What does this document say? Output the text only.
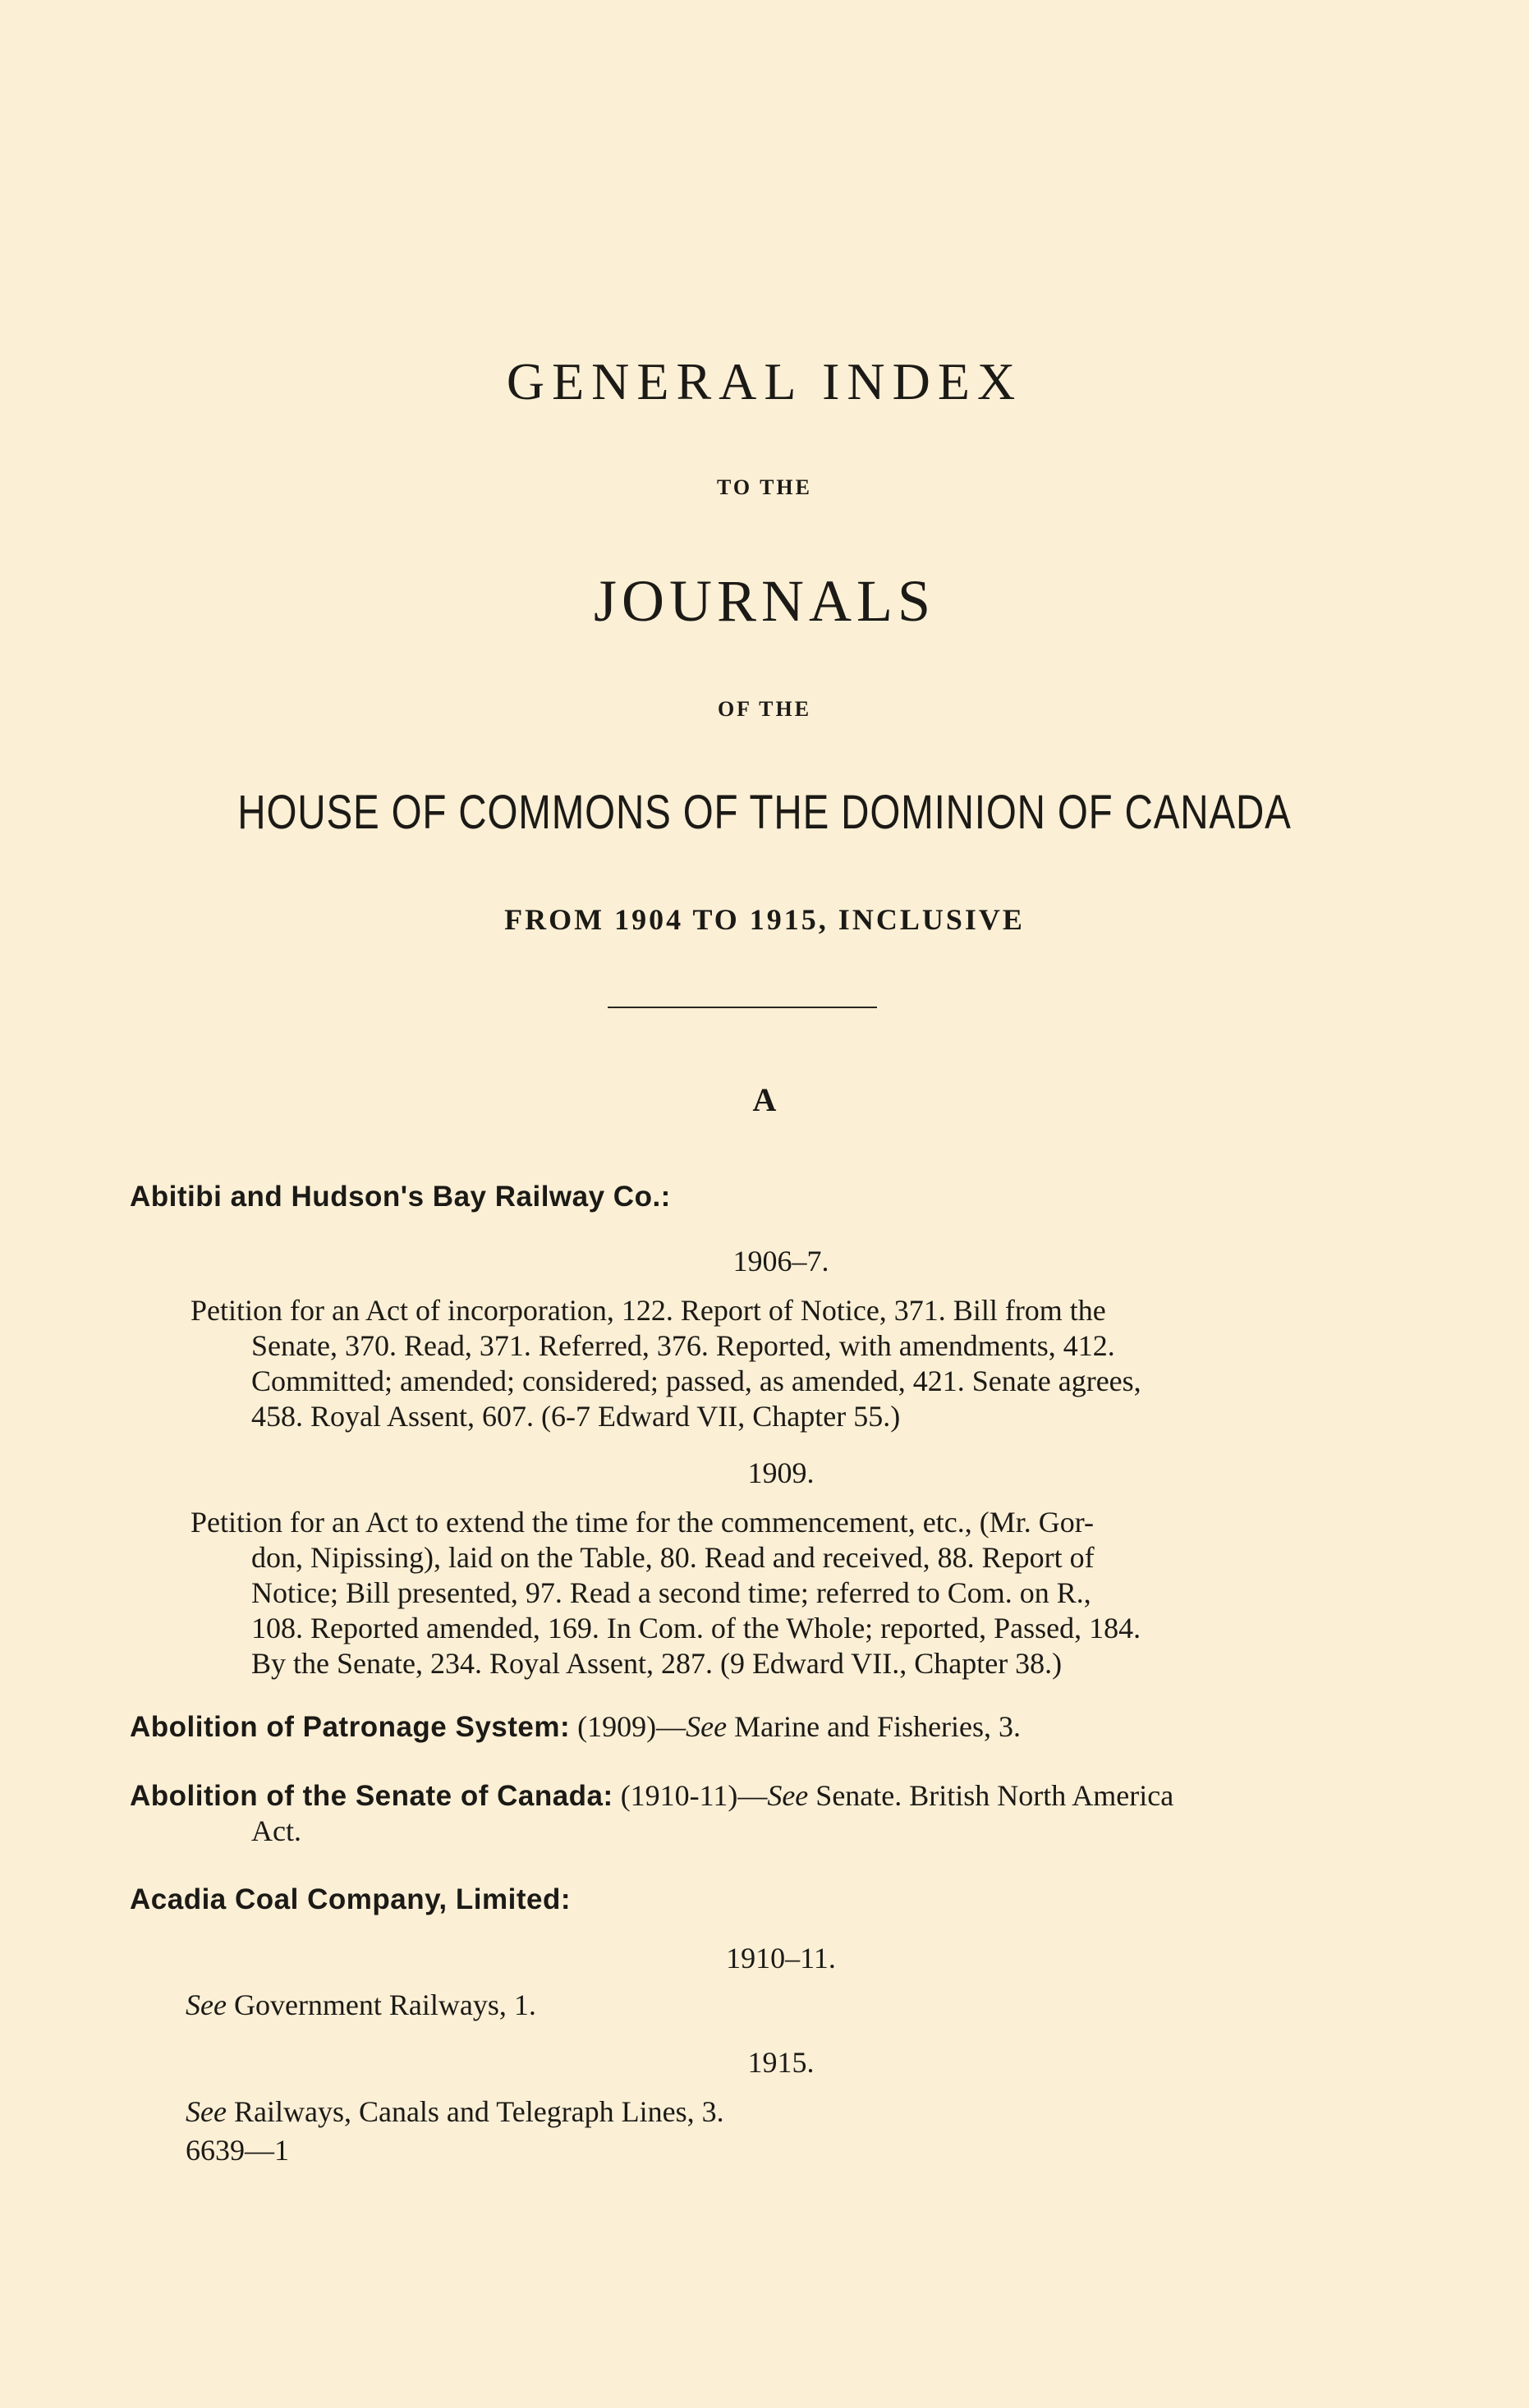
GENERAL INDEX
TO THE
JOURNALS
OF THE
HOUSE OF COMMONS OF THE DOMINION OF CANADA
FROM 1904 TO 1915, INCLUSIVE
A
Abitibi and Hudson's Bay Railway Co.:
1906–7.
Petition for an Act of incorporation, 122. Report of Notice, 371. Bill from the
Senate, 370. Read, 371. Referred, 376. Reported, with amendments, 412.
Committed; amended; considered; passed, as amended, 421. Senate agrees,
458. Royal Assent, 607. (6-7 Edward VII, Chapter 55.)
1909.
Petition for an Act to extend the time for the commencement, etc., (Mr. Gor-
don, Nipissing), laid on the Table, 80. Read and received, 88. Report of
Notice; Bill presented, 97. Read a second time; referred to Com. on R.,
108. Reported amended, 169. In Com. of the Whole; reported, Passed, 184.
By the Senate, 234. Royal Assent, 287. (9 Edward VII., Chapter 38.)
Abolition of Patronage System: (1909)—See Marine and Fisheries, 3.
Abolition of the Senate of Canada: (1910-11)—See Senate. British North America
Act.
Acadia Coal Company, Limited:
1910–11.
See Government Railways, 1.
1915.
See Railways, Canals and Telegraph Lines, 3.
6639—1
